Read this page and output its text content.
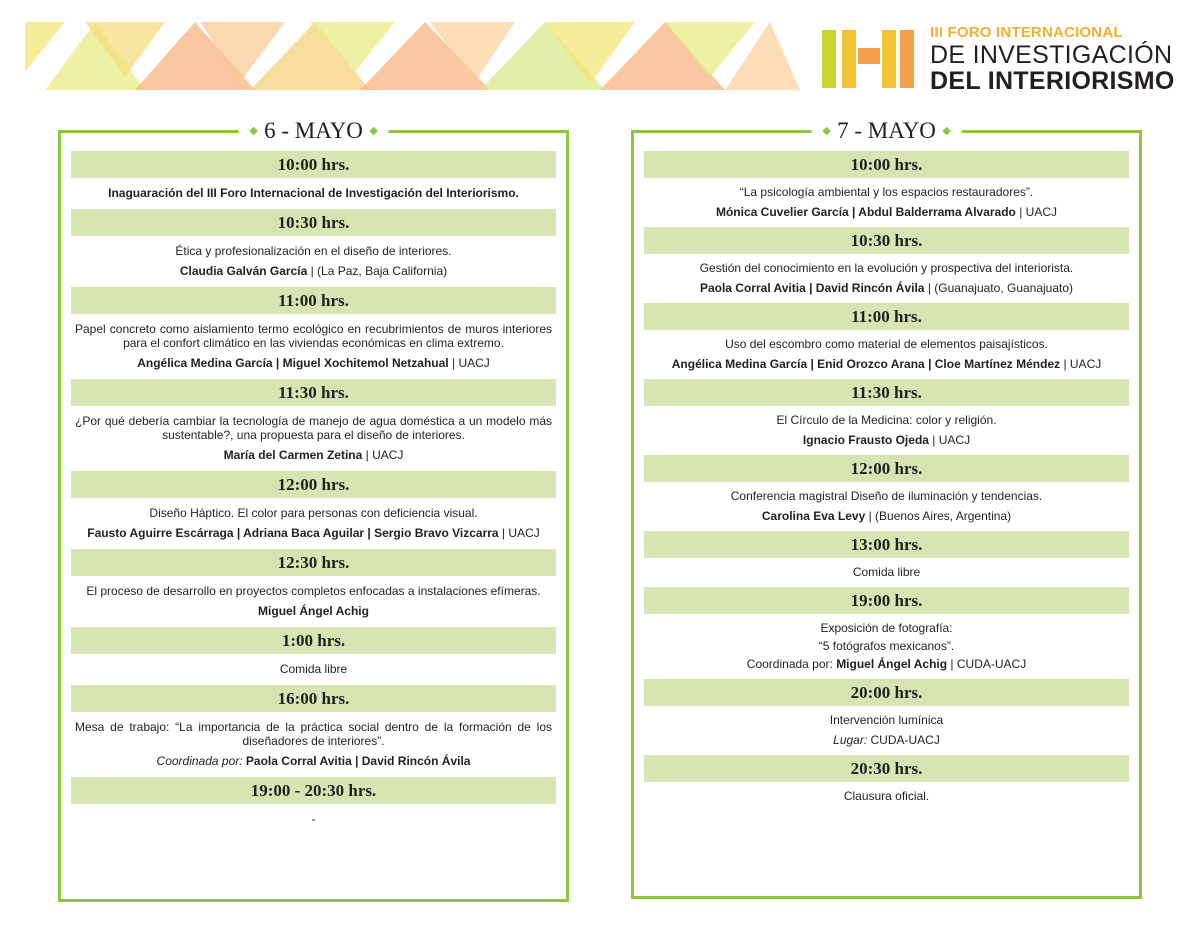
III FORO INTERNACIONAL
DE INVESTIGACIÓN
DEL INTERIORISMO
6 - MAYO
10:00 hrs.

Inaguaración del III Foro Internacional de Investigación del Interiorismo.

10:30 hrs.

Ética y profesionalización en el diseño de interiores.

Claudia Galván García | (La Paz, Baja California)

11:00 hrs.

Papel concreto como aislamiento termo ecológico en recubrimientos de muros interiores para el confort climático en las viviendas económicas en clima extremo.

Angélica Medina García | Miguel Xochitemol Netzahual | UACJ

11:30 hrs.

¿Por qué debería cambiar la tecnología de manejo de agua doméstica a un modelo más sustentable?, una propuesta para el diseño de interiores.

María del Carmen Zetina | UACJ

12:00 hrs.

Diseño Háptico. El color para personas con deficiencia visual.

Fausto Aguirre Escárraga | Adriana Baca Aguilar | Sergio Bravo Vizcarra | UACJ

12:30 hrs.

El proceso de desarrollo en proyectos completos enfocadas a instalaciones efímeras.

Miguel Ángel Achig

1:00 hrs.

Comida libre

16:00 hrs.

Mesa de trabajo: “La importancia de la práctica social dentro de la formación de los diseñadores de interiores”.

Coordinada por: Paola Corral Avitia | David Rincón Ávila

19:00 - 20:30 hrs.

-

7 - MAYO
10:00 hrs.

“La psicología ambiental y los espacios restauradores”.

Mónica Cuvelier García | Abdul Balderrama Alvarado | UACJ

10:30 hrs.

Gestión del conocimiento en la evolución y prospectiva del interiorista.

Paola Corral Avitia | David Rincón Ávila | (Guanajuato, Guanajuato)

11:00 hrs.

Uso del escombro como material de elementos paisajísticos.

Angélica Medina García | Enid Orozco Arana | Cloe Martínez Méndez | UACJ

11:30 hrs.

El Círculo de la Medicina: color y religión.

Ignacio Frausto Ojeda | UACJ

12:00 hrs.

Conferencia magistral Diseño de iluminación y tendencias.

Carolina Eva Levy | (Buenos Aires, Argentina)

13:00 hrs.

Comida libre

19:00 hrs.

Exposición de fotografía:

“5 fotógrafos mexicanos”.

Coordinada por: Miguel Ángel Achig | CUDA-UACJ

20:00 hrs.

Intervención lumínica

Lugar: CUDA-UACJ

20:30 hrs.

Clausura oficial.
